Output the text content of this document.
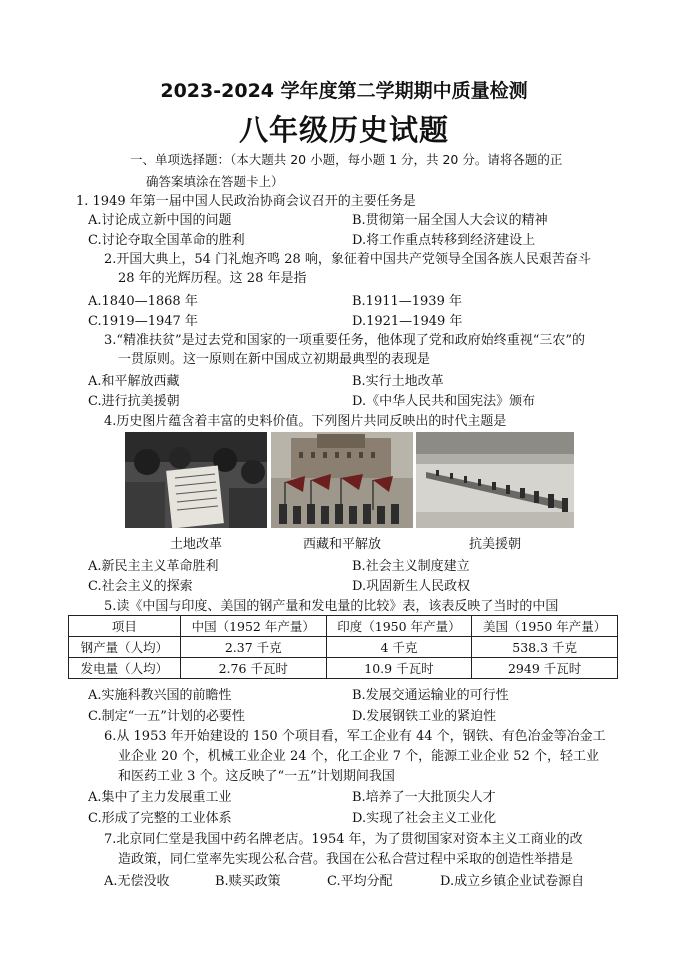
2023-2024 学年度第二学期期中质量检测
八年级历史试题
一、单项选择题：（本大题共 20 小题，每小题 1 分，共 20 分。请将各题的正
确答案填涂在答题卡上）
1. 1949 年第一届中国人民政治协商会议召开的主要任务是
A.讨论成立新中国的问题	B.贯彻第一届全国人大会议的精神
C.讨论夺取全国革命的胜利	D.将工作重点转移到经济建设上
2.开国大典上，54 门礼炮齐鸣 28 响，象征着中国共产党领导全国各族人民艰苦奋斗
28 年的光辉历程。这 28 年是指
A.1840—1868 年	B.1911—1939 年
C.1919—1947 年	D.1921—1949 年
3.“精准扶贫”是过去党和国家的一项重要任务，他体现了党和政府始终重视“三农”的
一贯原则。这一原则在新中国成立初期最典型的表现是
A.和平解放西藏	B.实行土地改革
C.进行抗美援朝	D.《中华人民共和国宪法》颁布
4.历史图片蕴含着丰富的史料价值。下列图片共同反映出的时代主题是
土地改革	西藏和平解放	抗美援朝
A.新民主主义革命胜利	B.社会主义制度建立
C.社会主义的探索	D.巩固新生人民政权
5.读《中国与印度、美国的钢产量和发电量的比较》表，该表反映了当时的中国
项目	中国（1952 年产量）	印度（1950 年产量）	美国（1950 年产量）
钢产量（人均）	2.37 千克	4 千克	538.3 千克
发电量（人均）	2.76 千瓦时	10.9 千瓦时	2949 千瓦时
A.实施科教兴国的前瞻性	B.发展交通运输业的可行性
C.制定“一五”计划的必要性	D.发展钢铁工业的紧迫性
6.从 1953 年开始建设的 150 个项目看，军工企业有 44 个，钢铁、有色冶金等冶金工
业企业 20 个，机械工业企业 24 个，化工企业 7 个，能源工业企业 52 个，轻工业
和医药工业 3 个。这反映了“一五”计划期间我国
A.集中了主力发展重工业	B.培养了一大批顶尖人才
C.形成了完整的工业体系	D.实现了社会主义工业化
7.北京同仁堂是我国中药名牌老店。1954 年，为了贯彻国家对资本主义工商业的改
造政策，同仁堂率先实现公私合营。我国在公私合营过程中采取的创造性举措是
A.无偿没收	B.赎买政策	C.平均分配	D.成立乡镇企业试卷源自
